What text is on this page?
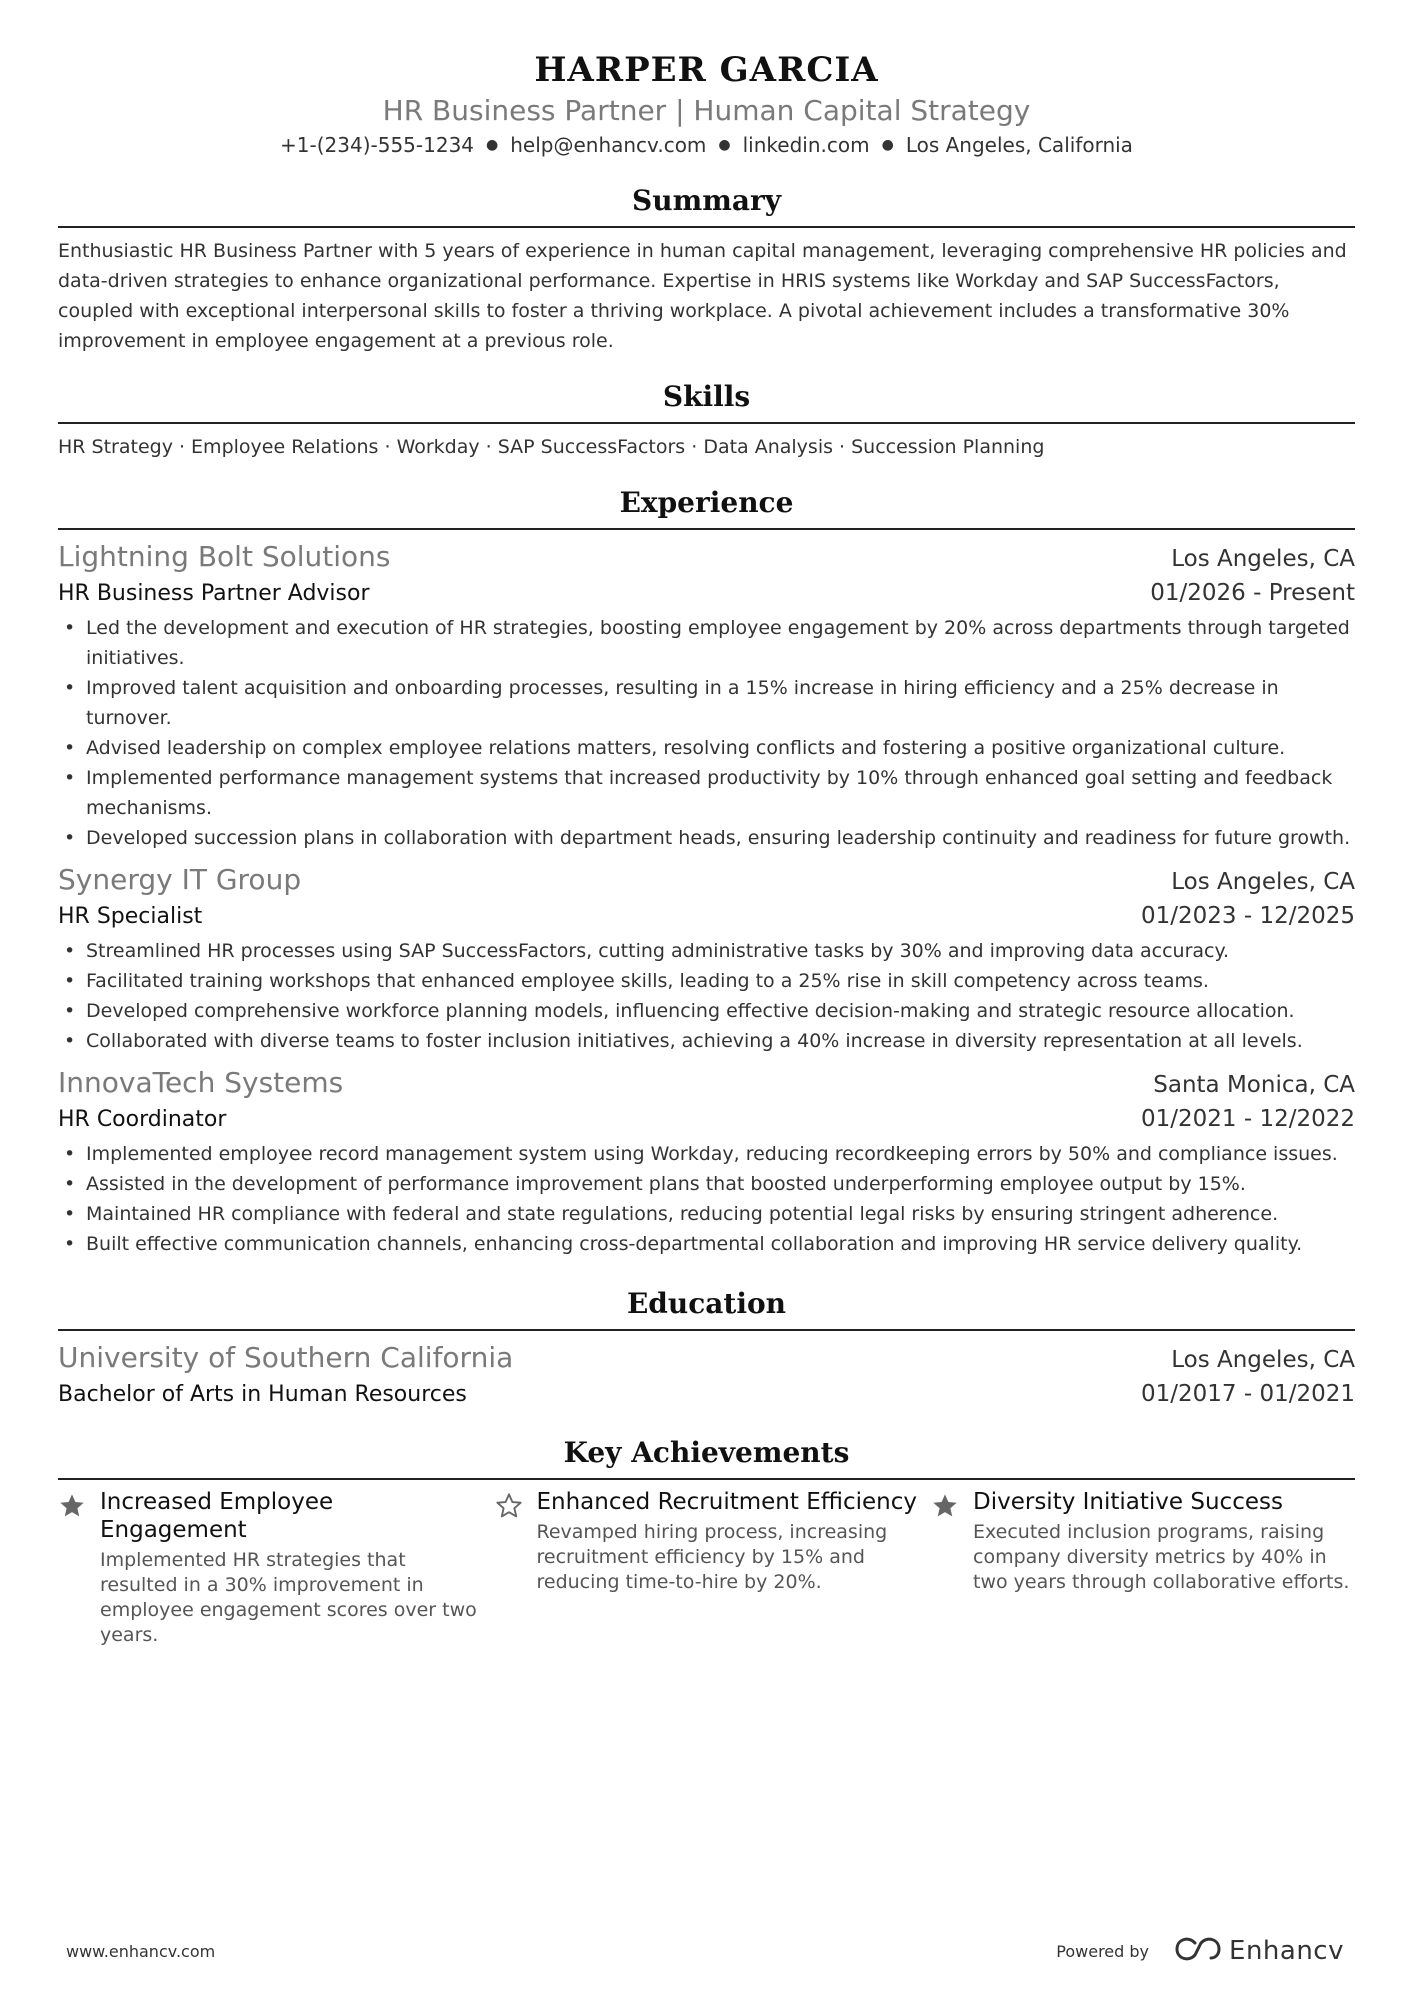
HARPER GARCIA
HR Business Partner | Human Capital Strategy
+1-(234)-555-1234 ● help@enhancv.com ● linkedin.com ● Los Angeles, California
Summary
Enthusiastic HR Business Partner with 5 years of experience in human capital management, leveraging comprehensive HR policies and data-driven strategies to enhance organizational performance. Expertise in HRIS systems like Workday and SAP SuccessFactors, coupled with exceptional interpersonal skills to foster a thriving workplace. A pivotal achievement includes a transformative 30% improvement in employee engagement at a previous role.
Skills
HR Strategy · Employee Relations · Workday · SAP SuccessFactors · Data Analysis · Succession Planning
Experience
Lightning Bolt Solutions	Los Angeles, CA
HR Business Partner Advisor	01/2026 - Present
• Led the development and execution of HR strategies, boosting employee engagement by 20% across departments through targeted initiatives.
• Improved talent acquisition and onboarding processes, resulting in a 15% increase in hiring efficiency and a 25% decrease in turnover.
• Advised leadership on complex employee relations matters, resolving conflicts and fostering a positive organizational culture.
• Implemented performance management systems that increased productivity by 10% through enhanced goal setting and feedback mechanisms.
• Developed succession plans in collaboration with department heads, ensuring leadership continuity and readiness for future growth.
Synergy IT Group	Los Angeles, CA
HR Specialist	01/2023 - 12/2025
• Streamlined HR processes using SAP SuccessFactors, cutting administrative tasks by 30% and improving data accuracy.
• Facilitated training workshops that enhanced employee skills, leading to a 25% rise in skill competency across teams.
• Developed comprehensive workforce planning models, influencing effective decision-making and strategic resource allocation.
• Collaborated with diverse teams to foster inclusion initiatives, achieving a 40% increase in diversity representation at all levels.
InnovaTech Systems	Santa Monica, CA
HR Coordinator	01/2021 - 12/2022
• Implemented employee record management system using Workday, reducing recordkeeping errors by 50% and compliance issues.
• Assisted in the development of performance improvement plans that boosted underperforming employee output by 15%.
• Maintained HR compliance with federal and state regulations, reducing potential legal risks by ensuring stringent adherence.
• Built effective communication channels, enhancing cross-departmental collaboration and improving HR service delivery quality.
Education
University of Southern California	Los Angeles, CA
Bachelor of Arts in Human Resources	01/2017 - 01/2021
Key Achievements
Increased Employee Engagement
Implemented HR strategies that resulted in a 30% improvement in employee engagement scores over two years.
Enhanced Recruitment Efficiency
Revamped hiring process, increasing recruitment efficiency by 15% and reducing time-to-hire by 20%.
Diversity Initiative Success
Executed inclusion programs, raising company diversity metrics by 40% in two years through collaborative efforts.
www.enhancv.com	Powered by	Enhancv
